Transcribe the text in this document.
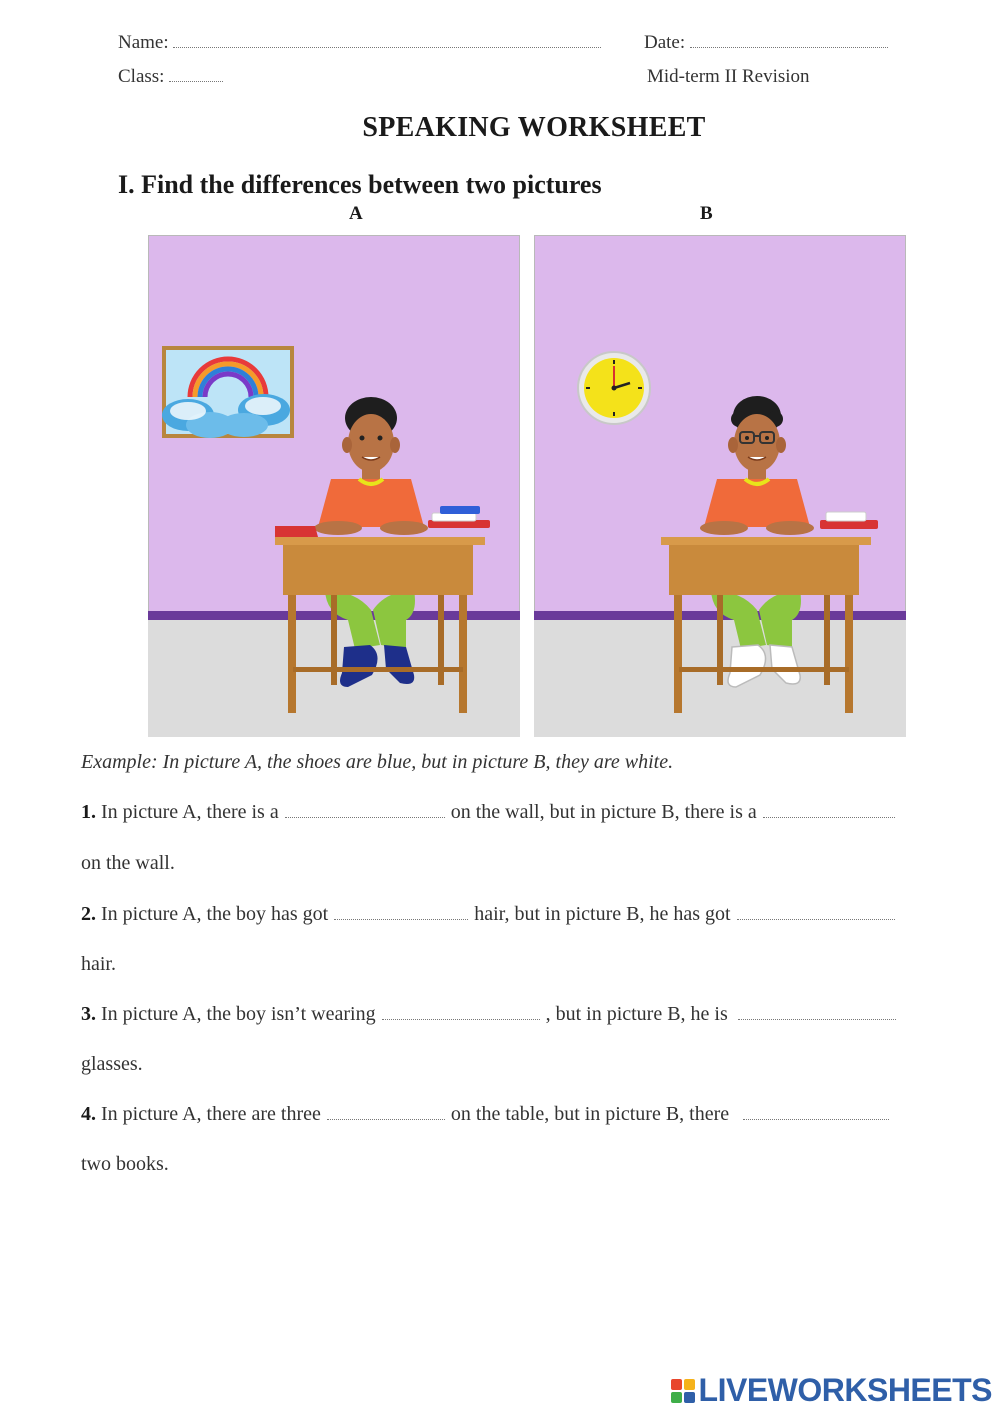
Name:	Date:
Class:	Mid-term II Revision
SPEAKING WORKSHEET
I. Find the differences between two pictures
A	B
Example: In picture A, the shoes are blue, but in picture B, they are white.
1. In picture A, there is a	on the wall, but in picture B, there is a
on the wall.
2. In picture A, the boy has got	hair, but in picture B, he has got
hair.
3. In picture A, the boy isn’t wearing	, but in picture B, he is
glasses.
4. In picture A, there are three	on the table, but in picture B, there
two books.
LIVEWORKSHEETS
